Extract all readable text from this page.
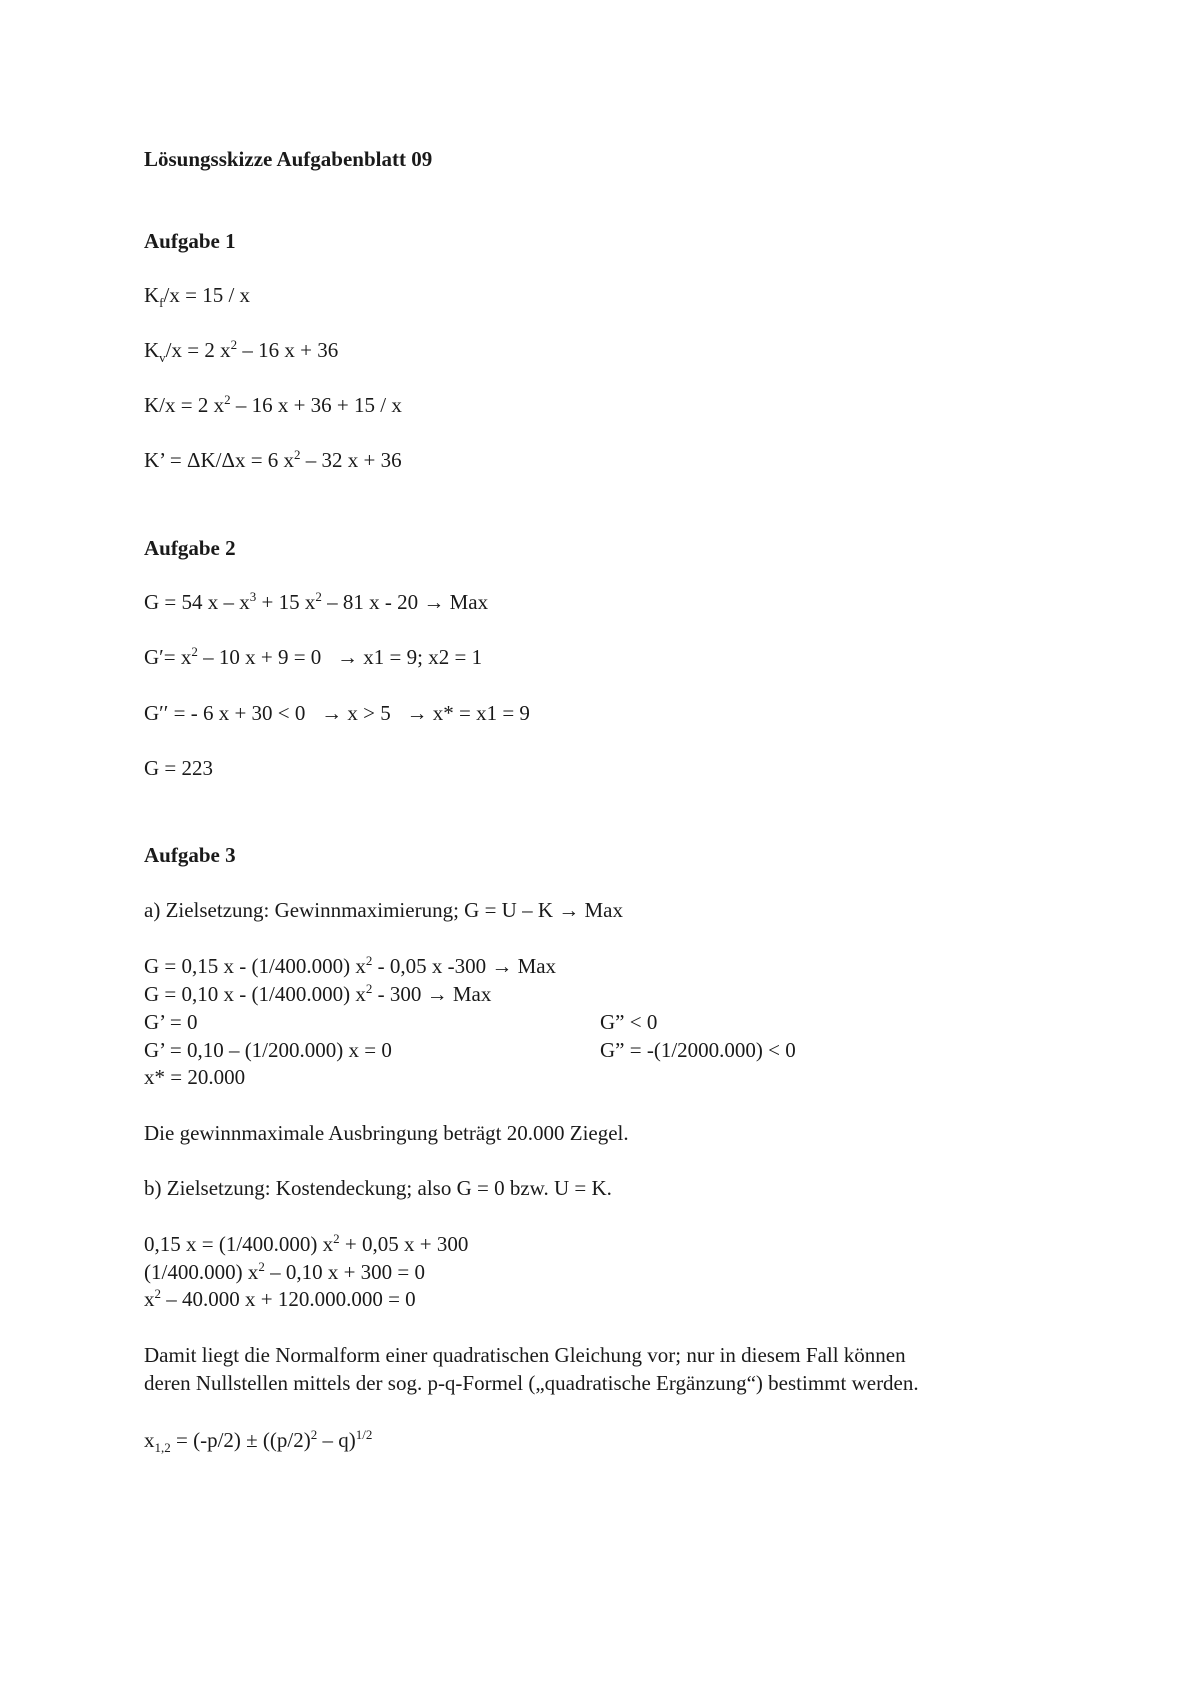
Lösungsskizze Aufgabenblatt 09
Aufgabe 1
$K_f/x = 15 / x$
$K_v/x = 2$ $x^2 - 16$ x + 36
K/x = 2 $x^2 - 16$ x + 36 + 15 / x
K’ = ΔK/Δx = 6 $x^2 - 32$ x + 36
Aufgabe 2
G = 54 $x - x^3 + 15$ $x^2 - 81$ x - 20 → Max
$G'= x^2 - 10$ x + 9 = 0   → x1 = 9; x2 = 1
G′′ = - 6 x + 30 < 0   → x > 5   → x* = x1 = 9
G = 223
Aufgabe 3
a) Zielsetzung: Gewinnmaximierung; G = U – K → Max
G = 0,15 x - (1/400.000) $x^2 - 0,05$ x -300 → Max
G = 0,10 x - (1/400.000) $x^2 - 300$ → Max
G’ = 0	G” < 0
G’ = 0,10 – (1/200.000) x = 0	G” = -(1/2000.000) < 0
x* = 20.000
Die gewinnmaximale Ausbringung beträgt 20.000 Ziegel.
b) Zielsetzung: Kostendeckung; also G = 0 bzw. U = K.
0,15 x = (1/400.000) $x^2 + 0,05$ x + 300
(1/400.000) $x^2 - 0,10$ x + 300 = 0
$x^2 - 40.000$ x + 120.000.000 = 0
Damit liegt die Normalform einer quadratischen Gleichung vor; nur in diesem Fall können
deren Nullstellen mittels der sog. p-q-Formel („quadratische Ergänzung“) bestimmt werden.
$x_{1,2} = (-p/2) \pm ((p/2)^2 - q)^{1/2}$
